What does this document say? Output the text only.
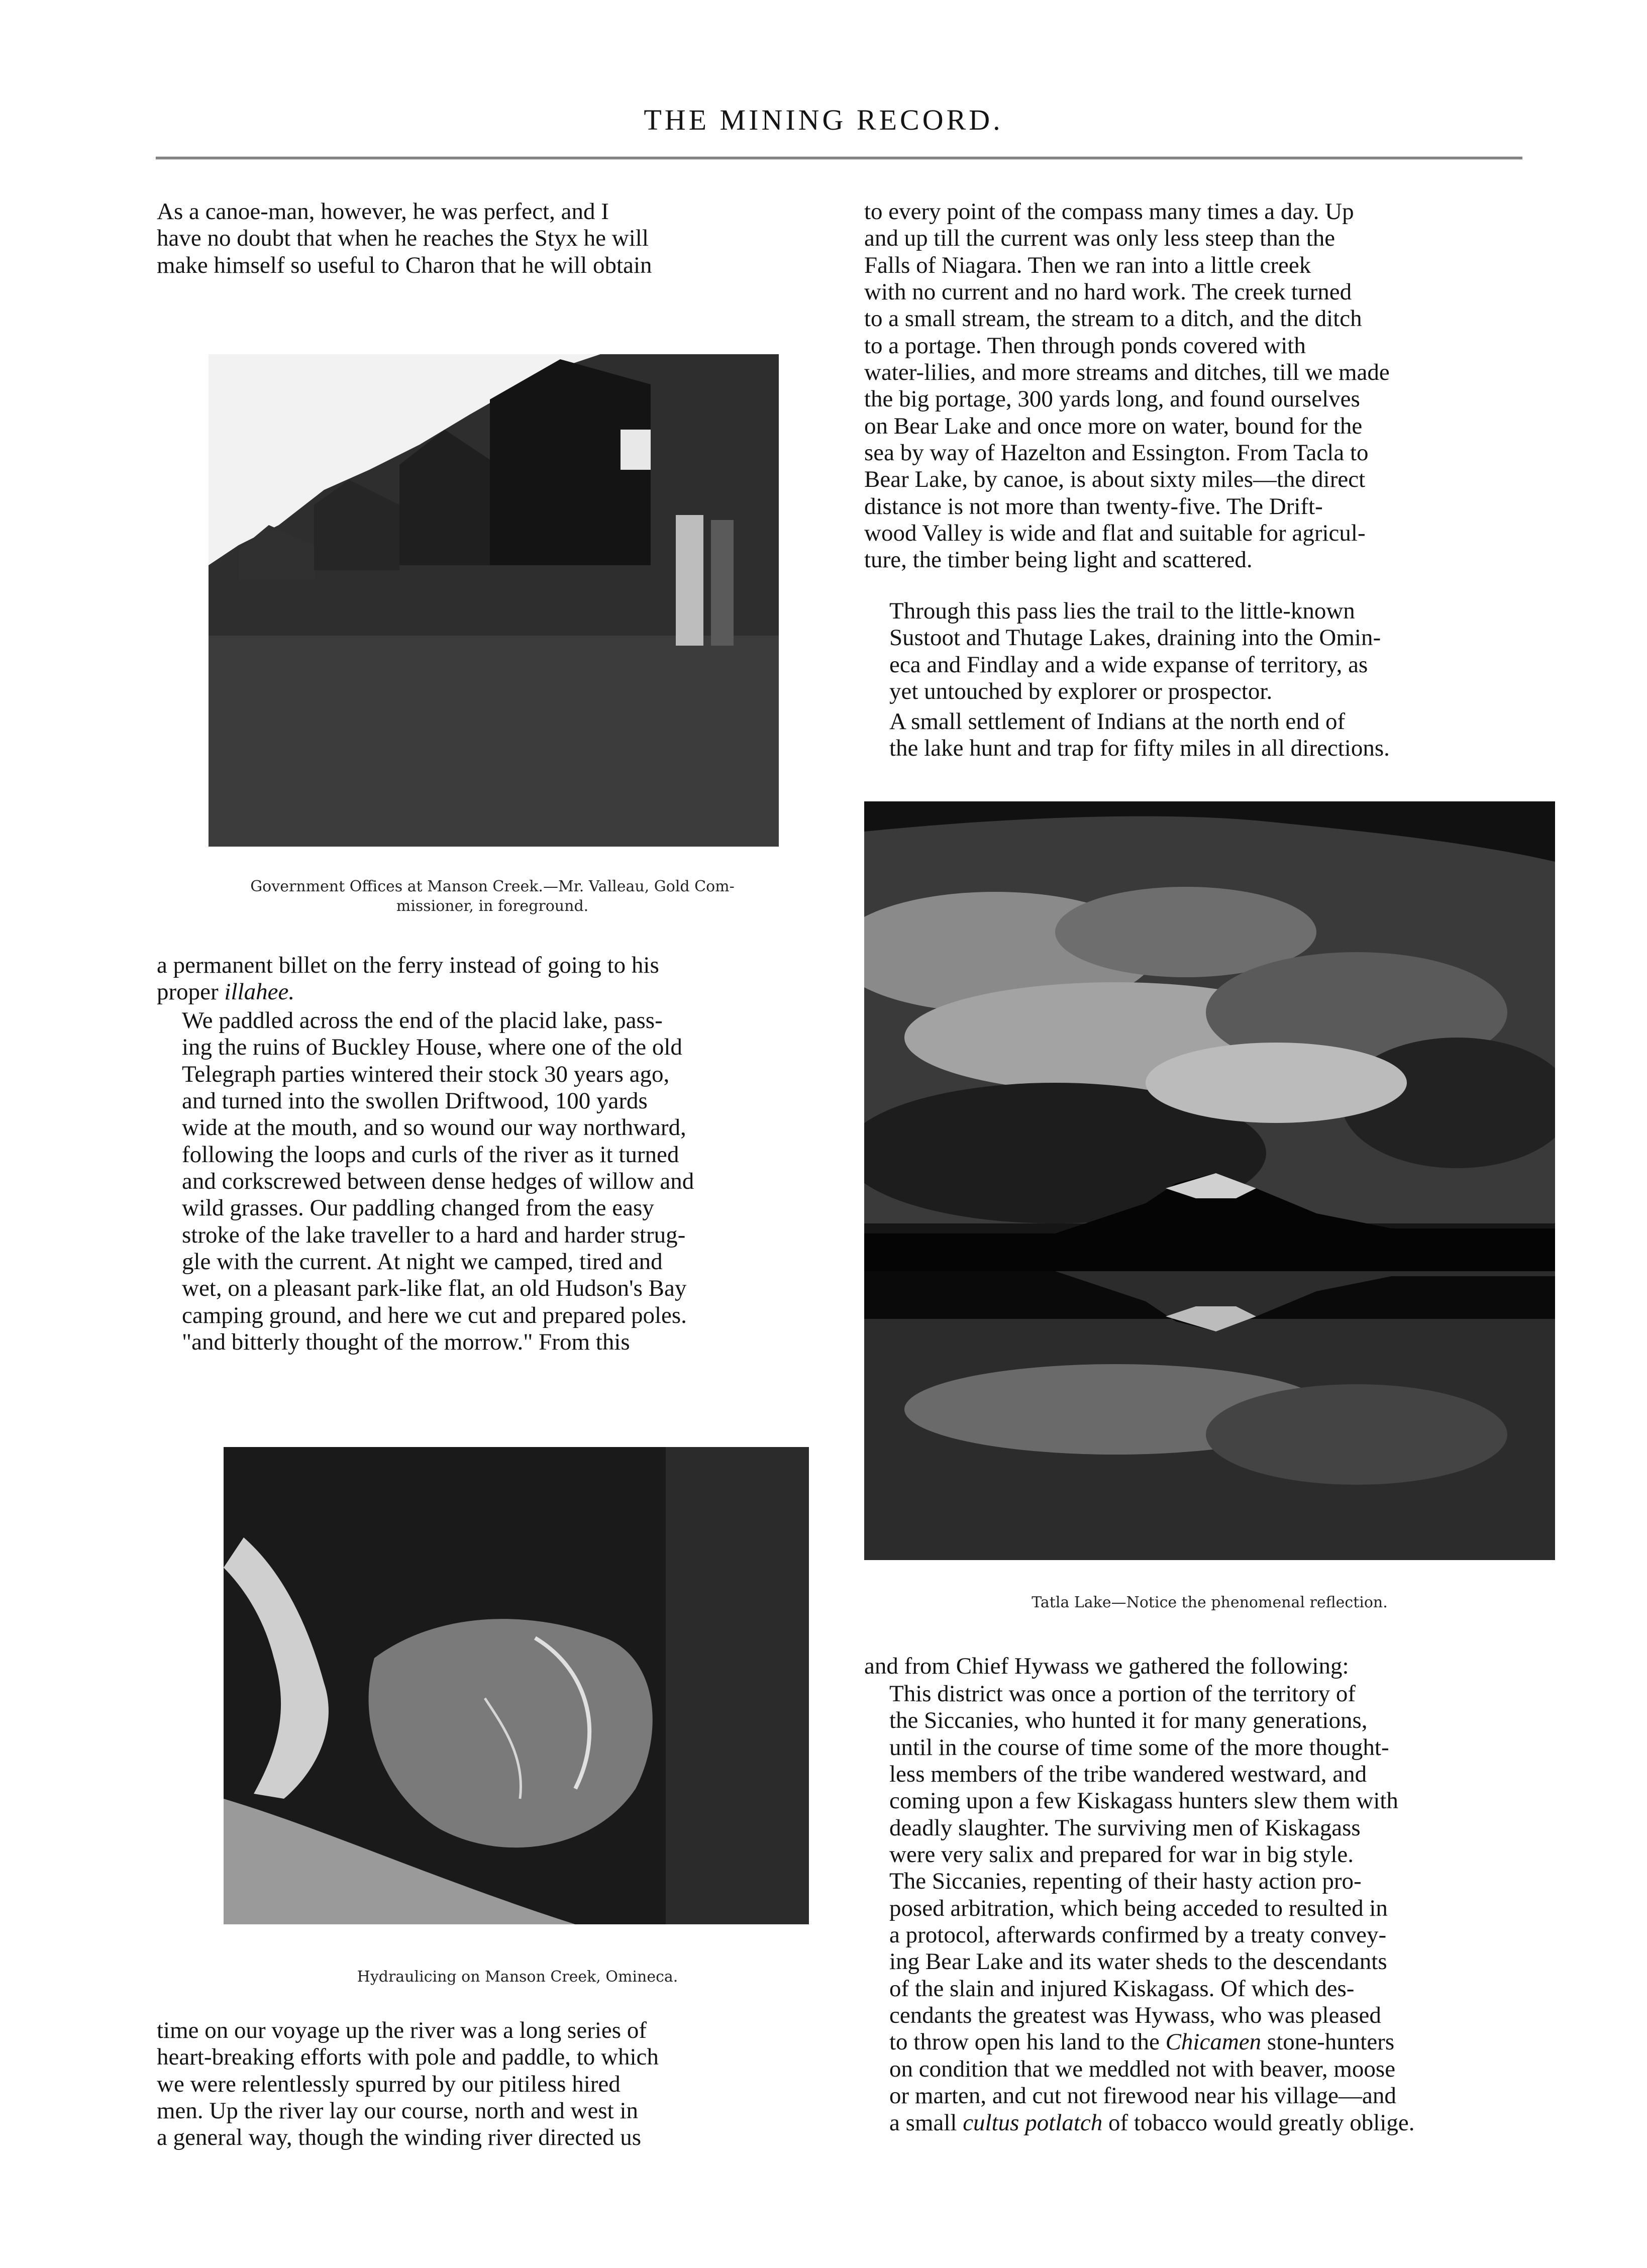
THE MINING RECORD.

As a canoe-man, however, he was perfect, and I
have no doubt that when he reaches the Styx he will
make himself so useful to Charon that he will obtain

Government Offices at Manson Creek.—Mr. Valleau, Gold Com-
missioner, in foreground.

a permanent billet on the ferry instead of going to his
proper illahee.

We paddled across the end of the placid lake, pass-
ing the ruins of Buckley House, where one of the old
Telegraph parties wintered their stock 30 years ago,
and turned into the swollen Driftwood, 100 yards
wide at the mouth, and so wound our way northward,
following the loops and curls of the river as it turned
and corkscrewed between dense hedges of willow and
wild grasses. Our paddling changed from the easy
stroke of the lake traveller to a hard and harder strug-
gle with the current. At night we camped, tired and
wet, on a pleasant park-like flat, an old Hudson's Bay
camping ground, and here we cut and prepared poles.
"and bitterly thought of the morrow." From this

Hydraulicing on Manson Creek, Omineca.

time on our voyage up the river was a long series of
heart-breaking efforts with pole and paddle, to which
we were relentlessly spurred by our pitiless hired
men. Up the river lay our course, north and west in
a general way, though the winding river directed us

to every point of the compass many times a day. Up
and up till the current was only less steep than the
Falls of Niagara. Then we ran into a little creek
with no current and no hard work. The creek turned
to a small stream, the stream to a ditch, and the ditch
to a portage. Then through ponds covered with
water-lilies, and more streams and ditches, till we made
the big portage, 300 yards long, and found ourselves
on Bear Lake and once more on water, bound for the
sea by way of Hazelton and Essington. From Tacla to
Bear Lake, by canoe, is about sixty miles—the direct
distance is not more than twenty-five. The Drift-
wood Valley is wide and flat and suitable for agricul-
ture, the timber being light and scattered.

Through this pass lies the trail to the little-known
Sustoot and Thutage Lakes, draining into the Omin-
eca and Findlay and a wide expanse of territory, as
yet untouched by explorer or prospector.

A small settlement of Indians at the north end of
the lake hunt and trap for fifty miles in all directions.

Tatla Lake—Notice the phenomenal reflection.

and from Chief Hywass we gathered the following:

This district was once a portion of the territory of
the Siccanies, who hunted it for many generations,
until in the course of time some of the more thought-
less members of the tribe wandered westward, and
coming upon a few Kiskagass hunters slew them with
deadly slaughter. The surviving men of Kiskagass
were very salix and prepared for war in big style.
The Siccanies, repenting of their hasty action pro-
posed arbitration, which being acceded to resulted in
a protocol, afterwards confirmed by a treaty convey-
ing Bear Lake and its water sheds to the descendants
of the slain and injured Kiskagass. Of which des-
cendants the greatest was Hywass, who was pleased
to throw open his land to the Chicamen stone-hunters
on condition that we meddled not with beaver, moose
or marten, and cut not firewood near his village—and
a small cultus potlatch of tobacco would greatly oblige.
